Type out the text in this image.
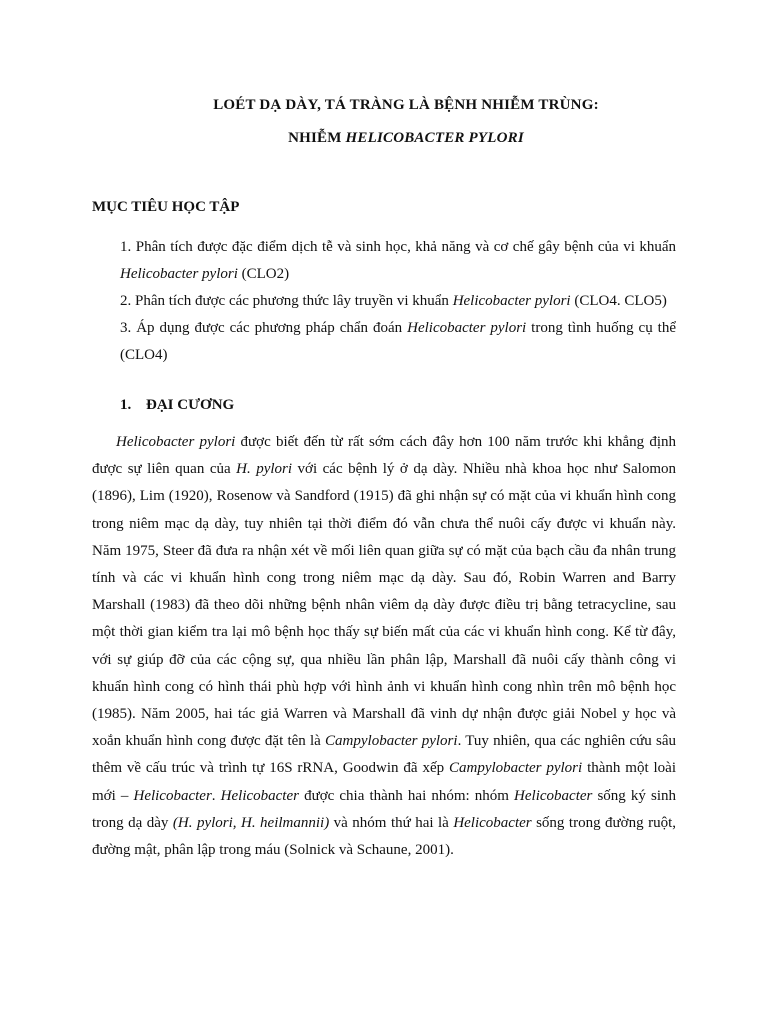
LOÉT DẠ DÀY, TÁ TRÀNG LÀ BỆNH NHIỄM TRÙNG:
NHIỄM HELICOBACTER PYLORI
MỤC TIÊU HỌC TẬP

1. Phân tích được đặc điểm dịch tễ và sinh học, khả năng và cơ chế gây bệnh của vi khuẩn Helicobacter pylori (CLO2)

2. Phân tích được các phương thức lây truyền vi khuẩn Helicobacter pylori (CLO4. CLO5)

3. Áp dụng được các phương pháp chẩn đoán Helicobacter pylori trong tình huống cụ thể (CLO4)

1. ĐẠI CƯƠNG

Helicobacter pylori được biết đến từ rất sớm cách đây hơn 100 năm trước khi khẳng định được sự liên quan của H. pylori với các bệnh lý ở dạ dày. Nhiều nhà khoa học như Salomon (1896), Lim (1920), Rosenow và Sandford (1915) đã ghi nhận sự có mặt của vi khuẩn hình cong trong niêm mạc dạ dày, tuy nhiên tại thời điểm đó vẫn chưa thể nuôi cấy được vi khuẩn này. Năm 1975, Steer đã đưa ra nhận xét về mối liên quan giữa sự có mặt của bạch cầu đa nhân trung tính và các vi khuẩn hình cong trong niêm mạc dạ dày. Sau đó, Robin Warren and Barry Marshall (1983) đã theo dõi những bệnh nhân viêm dạ dày được điều trị bằng tetracycline, sau một thời gian kiểm tra lại mô bệnh học thấy sự biến mất của các vi khuẩn hình cong. Kể từ đây, với sự giúp đỡ của các cộng sự, qua nhiều lần phân lập, Marshall đã nuôi cấy thành công vi khuẩn hình cong có hình thái phù hợp với hình ảnh vi khuẩn hình cong nhìn trên mô bệnh học (1985). Năm 2005, hai tác giả Warren và Marshall đã vinh dự nhận được giải Nobel y học và xoắn khuẩn hình cong được đặt tên là Campylobacter pylori. Tuy nhiên, qua các nghiên cứu sâu thêm về cấu trúc và trình tự 16S rRNA, Goodwin đã xếp Campylobacter pylori thành một loài mới – Helicobacter. Helicobacter được chia thành hai nhóm: nhóm Helicobacter sống ký sinh trong dạ dày (H. pylori, H. heilmannii) và nhóm thứ hai là Helicobacter sống trong đường ruột, đường mật, phân lập trong máu (Solnick và Schaune, 2001).
